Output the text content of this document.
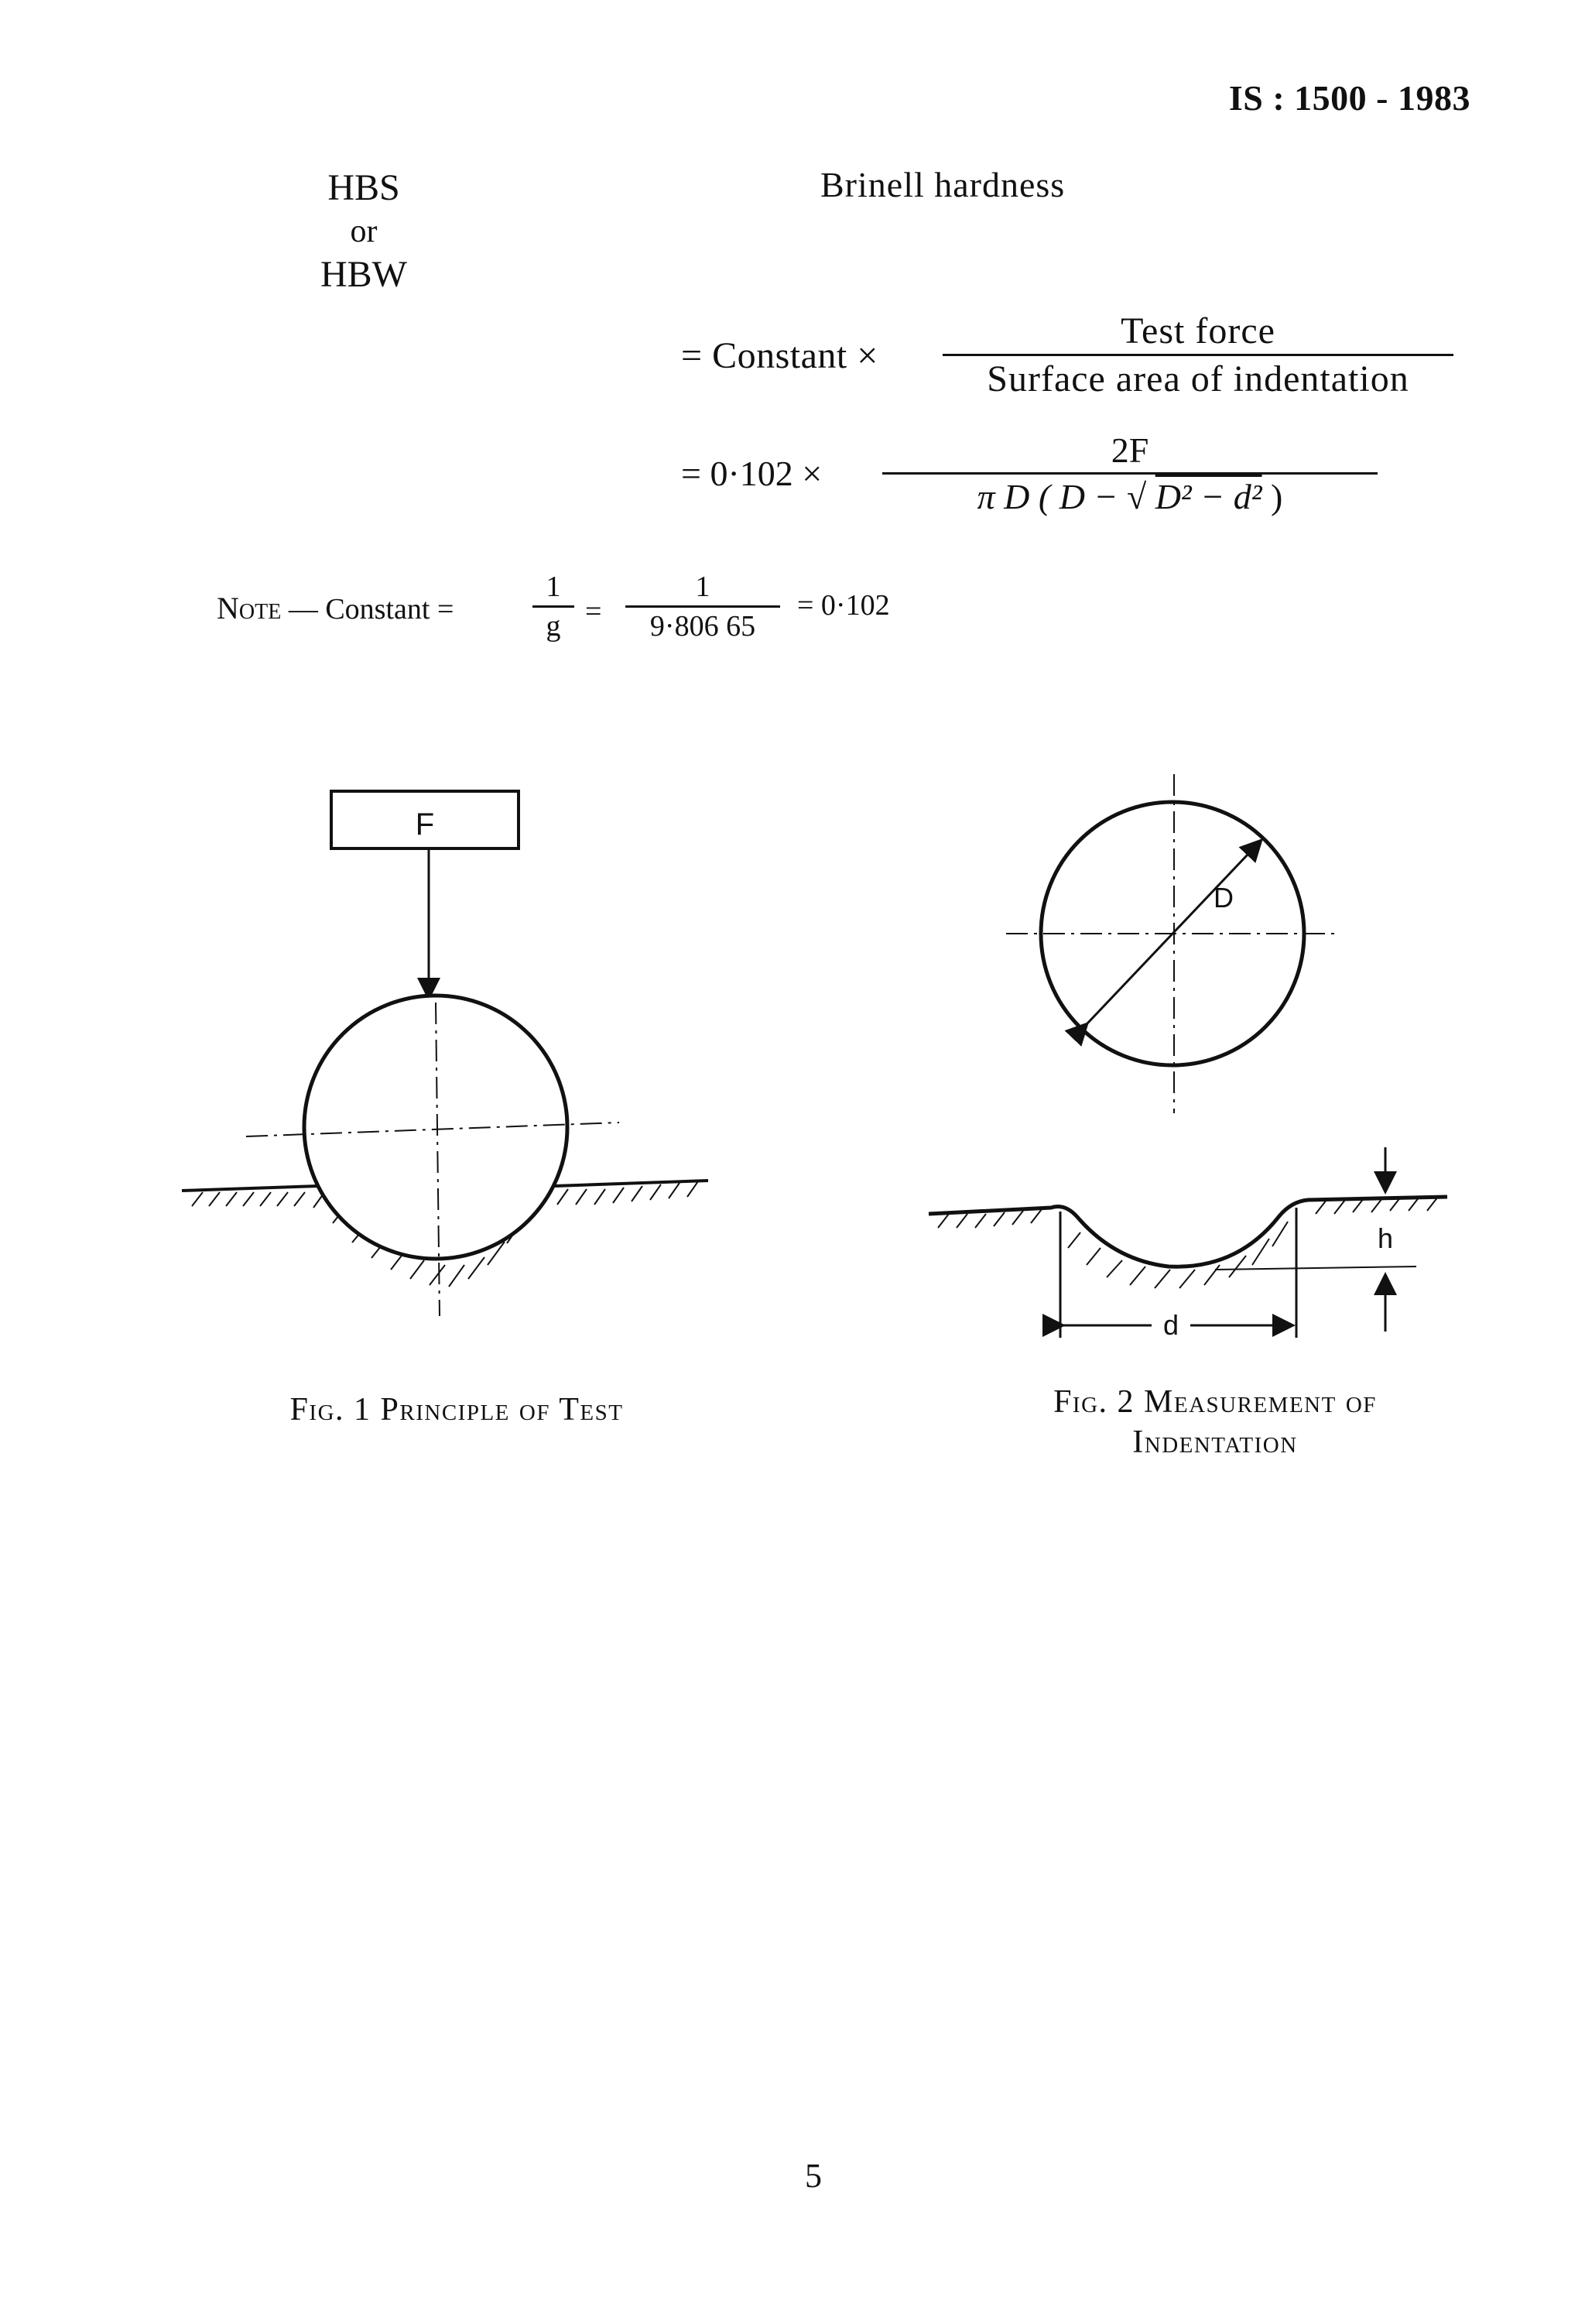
IS : 1500 - 1983
HBS
or
HBW
Brinell hardness
= Constant ×
Test force
Surface area of indentation
= 0·102 ×
2F
π D ( D − √ D² − d² )
Note — Constant =
1
g =
1
9·806 65
= 0·102
F
D
d
h
Fig. 1 Principle of Test	Fig. 2 Measurement of
Indentation
5
